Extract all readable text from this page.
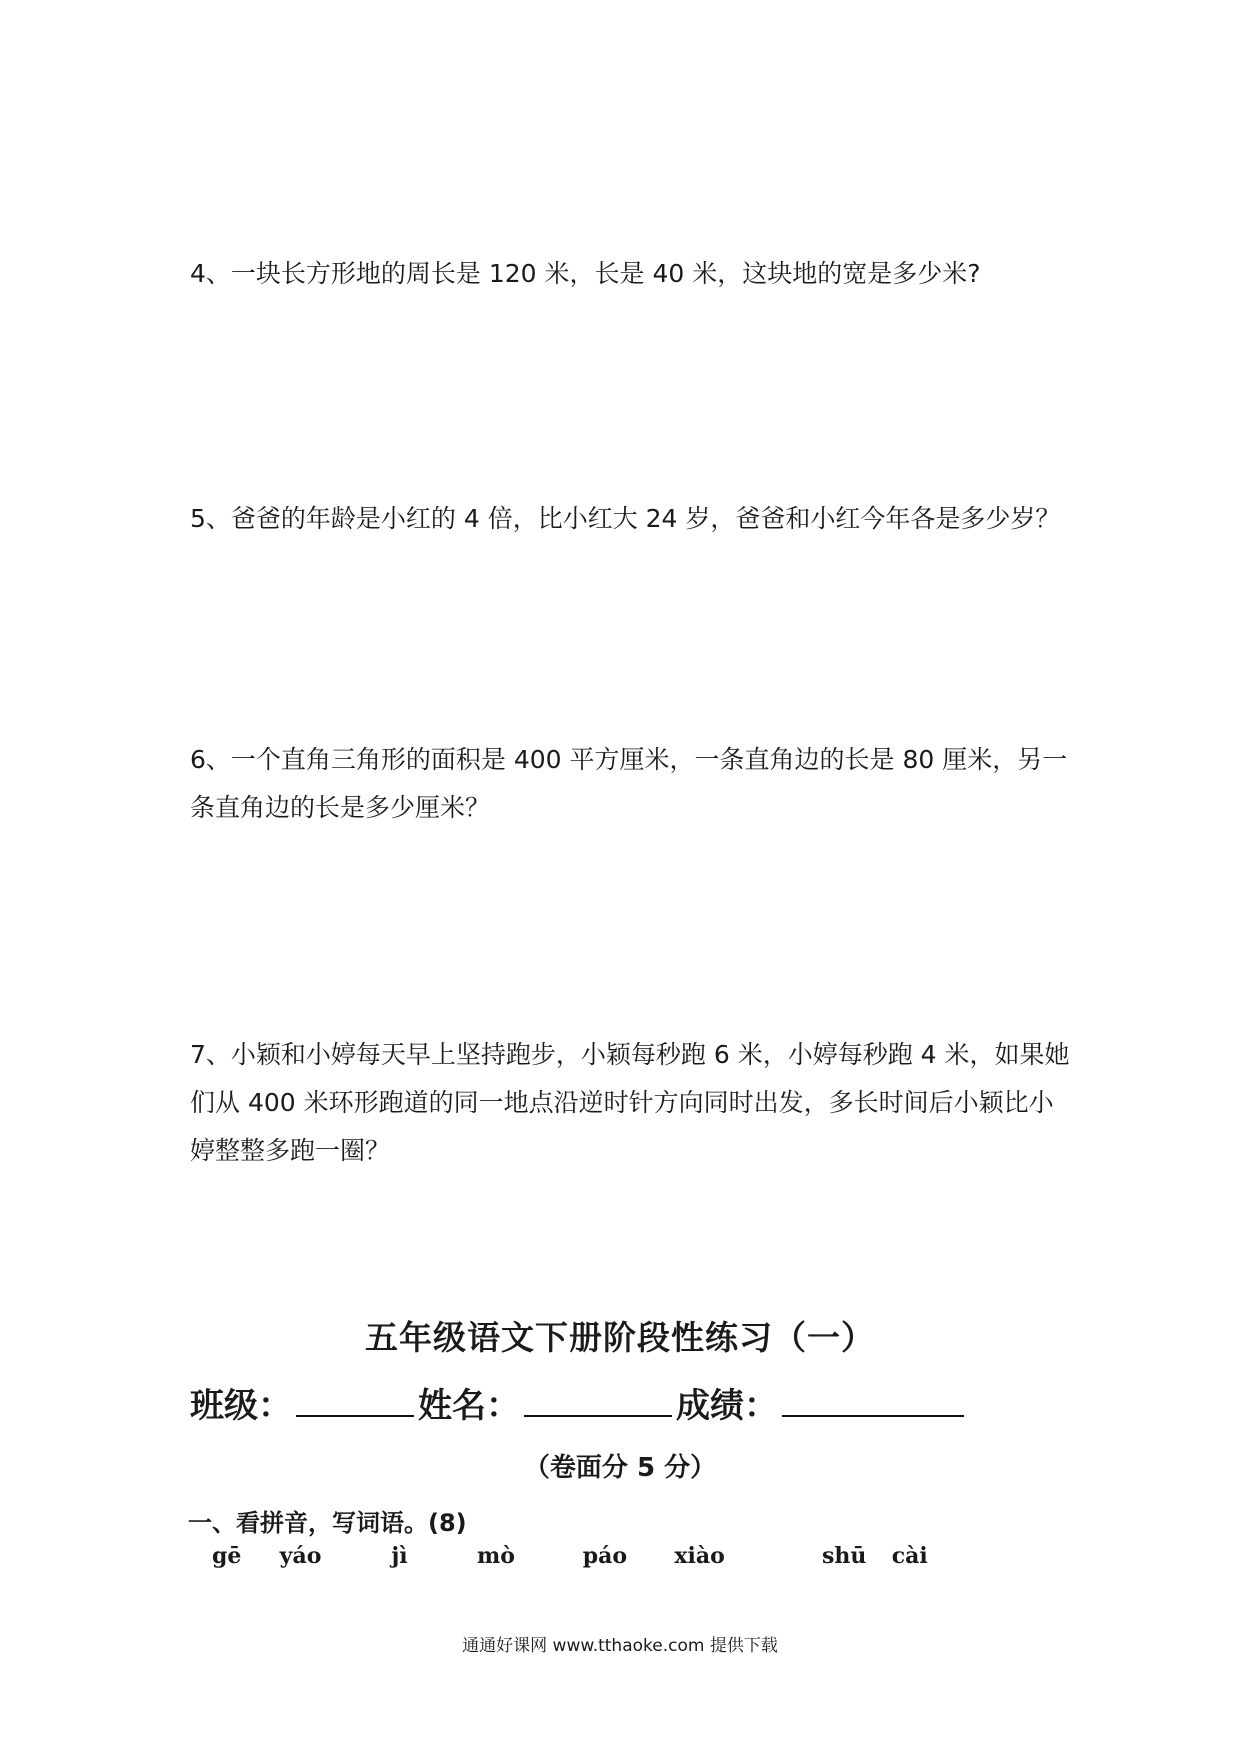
4、一块长方形地的周长是 120 米，长是 40 米，这块地的宽是多少米?

5、爸爸的年龄是小红的 4 倍，比小红大 24 岁，爸爸和小红今年各是多少岁？

6、一个直角三角形的面积是 400 平方厘米，一条直角边的长是 80 厘米，另一条直角边的长是多少厘米？

7、小颖和小婷每天早上坚持跑步，小颖每秒跑 6 米，小婷每秒跑 4 米，如果她们从 400 米环形跑道的同一地点沿逆时针方向同时出发，多长时间后小颖比小婷整整多跑一圈？

五年级语文下册阶段性练习（一）
班级：	姓名：	成绩：
（卷面分 5 分）
一、看拼音，写词语。(8)
gē yáo	jì	mò	páo xiào	shū cài
通通好课网 www.tthaoke.com 提供下载
